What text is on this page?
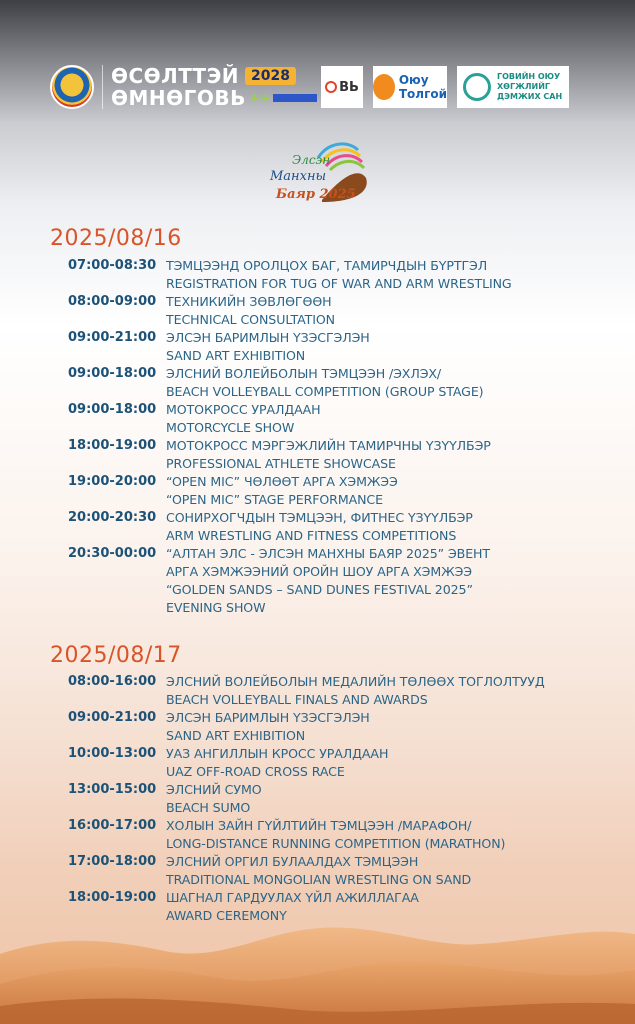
ӨСӨЛТТЭЙ 2028
ӨМНӨГОВЬ ++
ВЬ	Оюу
Толгой
ГОВИЙН ОЮУ
ХӨГЖЛИЙГ
ДЭМЖИХ САН
Элсэн
Манхны
Баяр 2025
2025/08/16
07:00-08:30 ТЭМЦЭЭНД ОРОЛЦОХ БАГ, ТАМИРЧДЫН БҮРТГЭЛ
REGISTRATION FOR TUG OF WAR AND ARM WRESTLING
08:00-09:00 ТЕХНИКИЙН ЗӨВЛӨГӨӨН
TECHNICAL CONSULTATION
09:00-21:00 ЭЛСЭН БАРИМЛЫН ҮЗЭСГЭЛЭН
SAND ART EXHIBITION
09:00-18:00 ЭЛСНИЙ ВОЛЕЙБОЛЫН ТЭМЦЭЭН /ЭХЛЭХ/
BEACH VOLLEYBALL COMPETITION (GROUP STAGE)
09:00-18:00 МОТОКРОСС УРАЛДААН
MOTORCYCLE SHOW
18:00-19:00 МОТОКРОСС МЭРГЭЖЛИЙН ТАМИРЧНЫ ҮЗҮҮЛБЭР
PROFESSIONAL ATHLETE SHOWCASE
19:00-20:00 “OPEN MIC” ЧӨЛӨӨТ АРГА ХЭМЖЭЭ
“OPEN MIC” STAGE PERFORMANCE
20:00-20:30 СОНИРХОГЧДЫН ТЭМЦЭЭН, ФИТНЕС ҮЗҮҮЛБЭР
ARM WRESTLING AND FITNESS COMPETITIONS
20:30-00:00 “АЛТАН ЭЛС - ЭЛСЭН МАНХНЫ БАЯР 2025” ЭВЕНТ
АРГА ХЭМЖЭЭНИЙ ОРОЙН ШОУ АРГА ХЭМЖЭЭ
“GOLDEN SANDS – SAND DUNES FESTIVAL 2025”
EVENING SHOW
2025/08/17
08:00-16:00 ЭЛСНИЙ ВОЛЕЙБОЛЫН МЕДАЛИЙН ТӨЛӨӨХ ТОГЛОЛТУУД
BEACH VOLLEYBALL FINALS AND AWARDS
09:00-21:00 ЭЛСЭН БАРИМЛЫН ҮЗЭСГЭЛЭН
SAND ART EXHIBITION
10:00-13:00 УАЗ АНГИЛЛЫН КРОСС УРАЛДААН
UAZ OFF-ROAD CROSS RACE
13:00-15:00 ЭЛСНИЙ СУМО
BEACH SUMO
16:00-17:00 ХОЛЫН ЗАЙН ГҮЙЛТИЙН ТЭМЦЭЭН /МАРАФОН/
LONG-DISTANCE RUNNING COMPETITION (MARATHON)
17:00-18:00 ЭЛСНИЙ ОРГИЛ БУЛААЛДАХ ТЭМЦЭЭН
TRADITIONAL MONGOLIAN WRESTLING ON SAND
18:00-19:00 ШАГНАЛ ГАРДУУЛАХ ҮЙЛ АЖИЛЛАГАА
AWARD CEREMONY
